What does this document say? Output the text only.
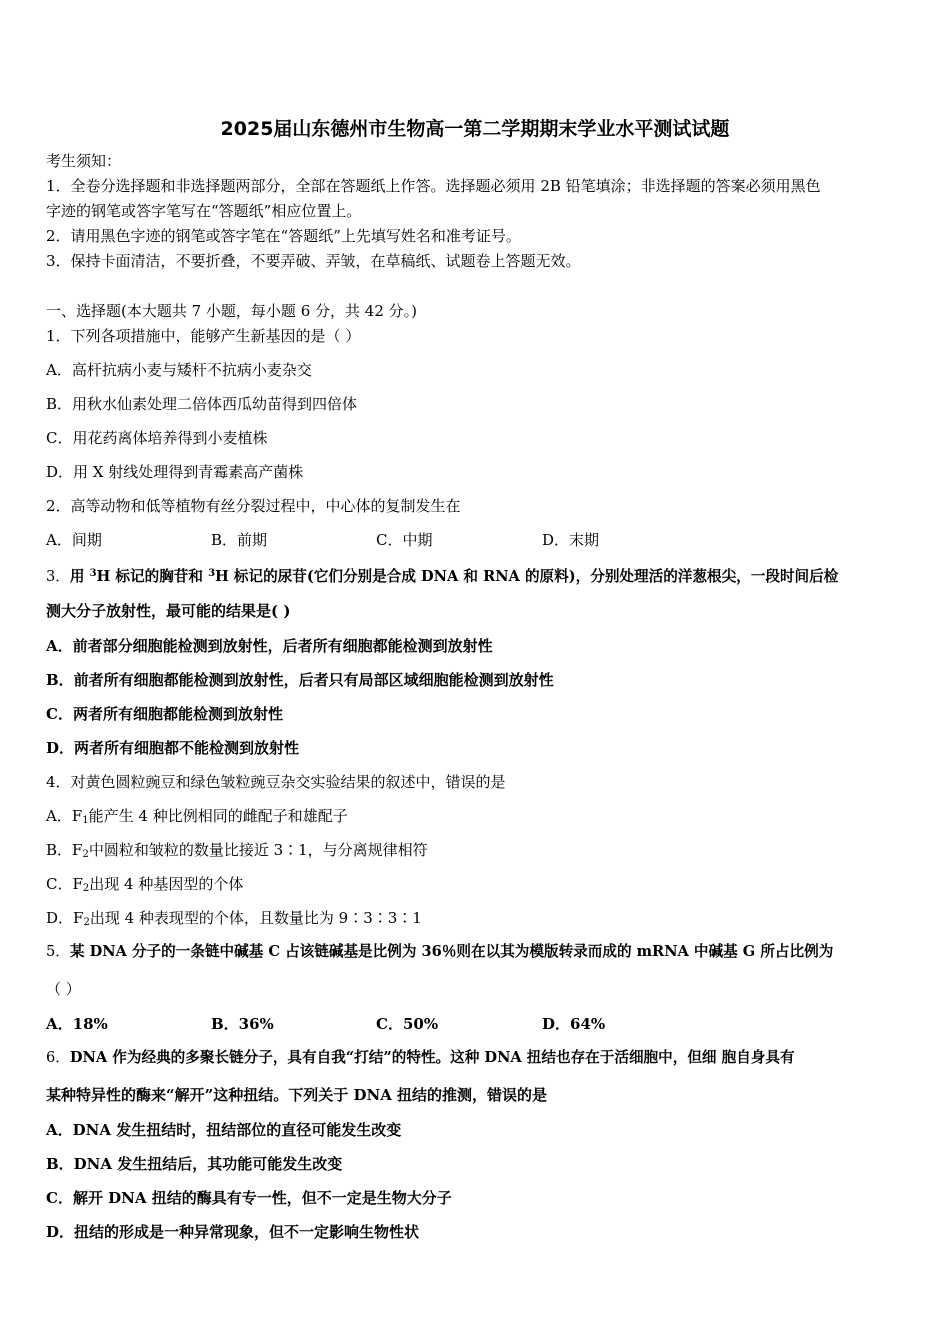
2025届山东德州市生物高一第二学期期末学业水平测试试题
考生须知：
1．全卷分选择题和非选择题两部分，全部在答题纸上作答。选择题必须用 2B 铅笔填涂；非选择题的答案必须用黑色
字迹的钢笔或答字笔写在“答题纸”相应位置上。
2．请用黑色字迹的钢笔或答字笔在“答题纸”上先填写姓名和准考证号。
3．保持卡面清洁，不要折叠，不要弄破、弄皱，在草稿纸、试题卷上答题无效。
一、选择题(本大题共 7 小题，每小题 6 分，共 42 分。)
1．下列各项措施中，能够产生新基因的是（ ）
A．高杆抗病小麦与矮杆不抗病小麦杂交
B．用秋水仙素处理二倍体西瓜幼苗得到四倍体
C．用花药离体培养得到小麦植株
D．用 X 射线处理得到青霉素高产菌株
2．高等动物和低等植物有丝分裂过程中，中心体的复制发生在
A．间期	B．前期	C．中期	D．末期
3．用 $^3$H 标记的胸苷和 $^3$H 标记的尿苷(它们分别是合成 DNA 和 RNA 的原料)，分别处理活的洋葱根尖，一段时间后检
测大分子放射性，最可能的结果是( )
A．前者部分细胞能检测到放射性，后者所有细胞都能检测到放射性
B．前者所有细胞都能检测到放射性，后者只有局部区域细胞能检测到放射性
C．两者所有细胞都能检测到放射性
D．两者所有细胞都不能检测到放射性
4．对黄色圆粒豌豆和绿色皱粒豌豆杂交实验结果的叙述中，错误的是
A．$F_1$能产生 4 种比例相同的雌配子和雄配子
B．$F_2$中圆粒和皱粒的数量比接近 3∶1，与分离规律相符
C．$F_2$出现 4 种基因型的个体
D．$F_2$出现 4 种表现型的个体，且数量比为 9∶3∶3∶1
5．某 DNA 分子的一条链中碱基 C 占该链碱基是比例为 36％则在以其为模版转录而成的 mRNA 中碱基 G 所占比例为
（ ）
A．18%	B．36%	C．50%	D．64%
6．DNA 作为经典的多聚长链分子，具有自我“打结”的特性。这种 DNA 扭结也存在于活细胞中，但细 胞自身具有
某种特异性的酶来“解开”这种扭结。下列关于 DNA 扭结的推测，错误的是
A．DNA 发生扭结时，扭结部位的直径可能发生改变
B．DNA 发生扭结后，其功能可能发生改变
C．解开 DNA 扭结的酶具有专一性，但不一定是生物大分子
D．扭结的形成是一种异常现象，但不一定影响生物性状
